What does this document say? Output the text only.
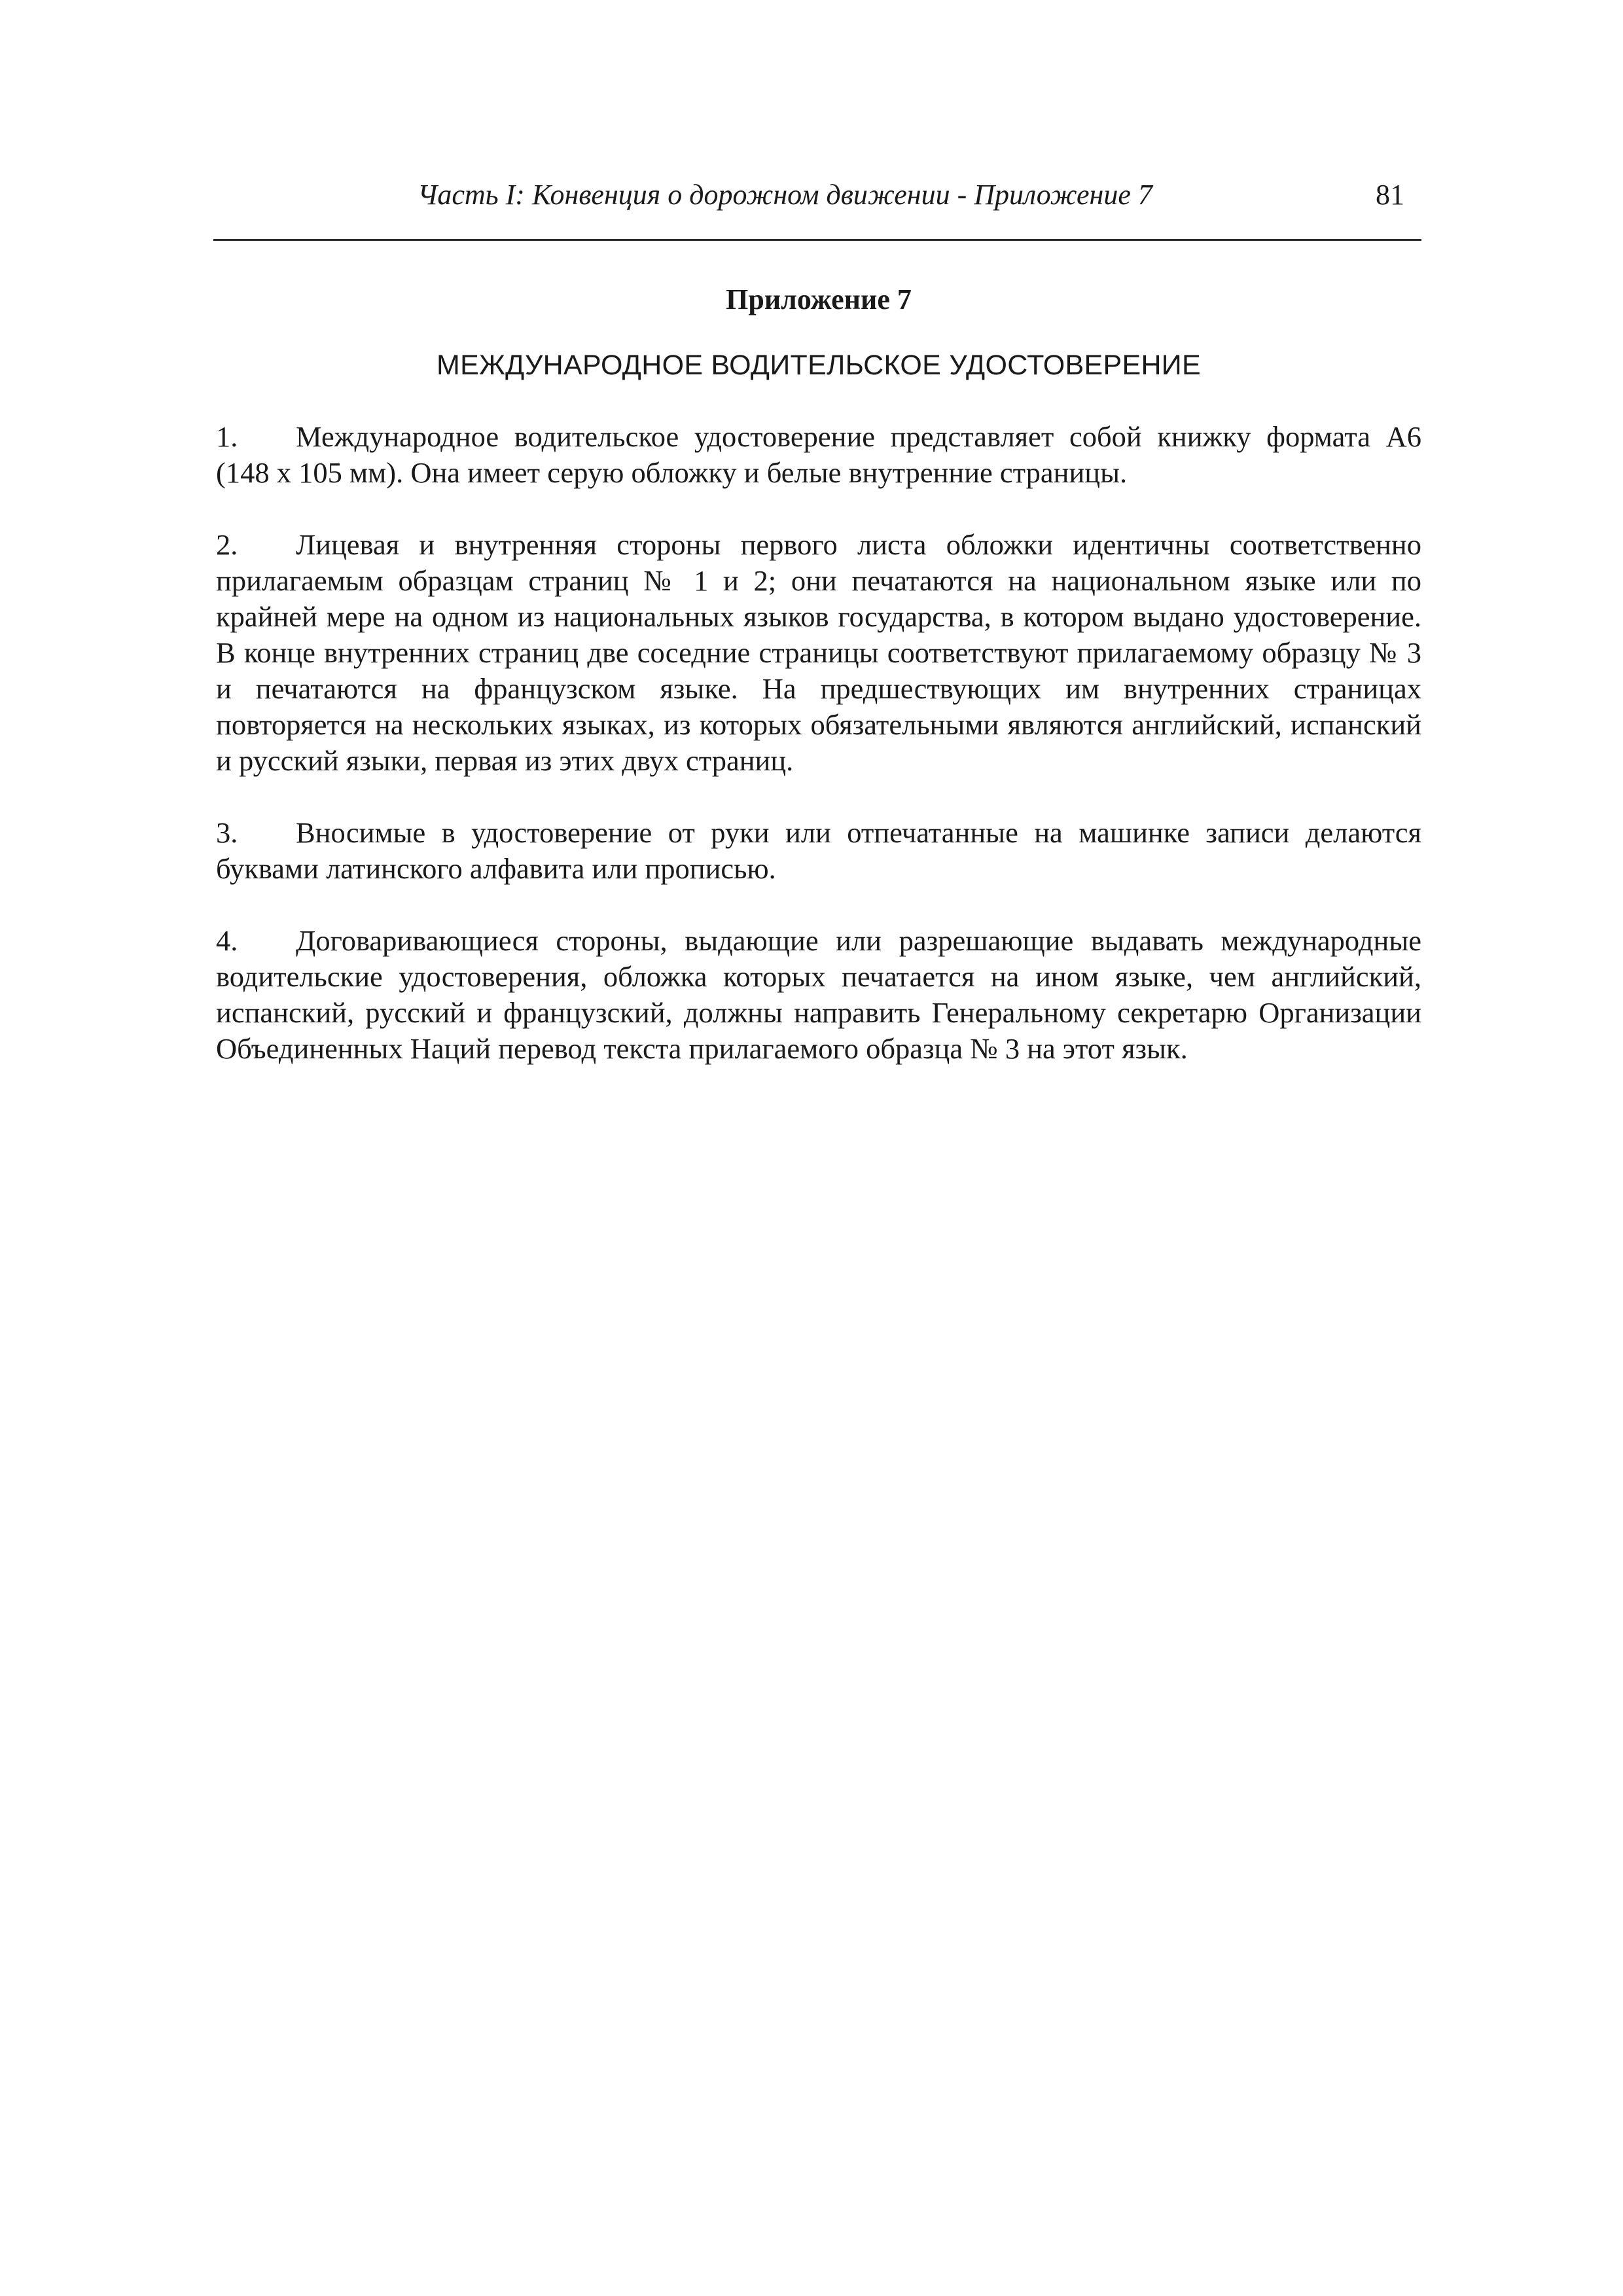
Часть I: Конвенция о дорожном движении - Приложение 7	81
Приложение 7
МЕЖДУНАРОДНОЕ ВОДИТЕЛЬСКОЕ УДОСТОВЕРЕНИЕ

1. Международное водительское удостоверение представляет собой книжку формата A6 (148 x 105 мм). Она имеет серую обложку и белые внутренние страницы.

2. Лицевая и внутренняя стороны первого листа обложки идентичны соответственно прилагаемым образцам страниц № 1 и 2; они печатаются на национальном языке или по крайней мере на одном из национальных языков государства, в котором выдано удостоверение. В конце внутренних страниц две соседние страницы соответствуют прилагаемому образцу № 3 и печатаются на французском языке. На предшествующих им внутренних страницах повторяется на нескольких языках, из которых обязательными являются английский, испанский и русский языки, первая из этих двух страниц.

3. Вносимые в удостоверение от руки или отпечатанные на машинке записи делаются буквами латинского алфавита или прописью.

4. Договаривающиеся стороны, выдающие или разрешающие выдавать международные водительские удостоверения, обложка которых печатается на ином языке, чем английский, испанский, русский и французский, должны направить Генеральному секретарю Организации Объединенных Наций перевод текста прилагаемого образца № 3 на этот язык.
